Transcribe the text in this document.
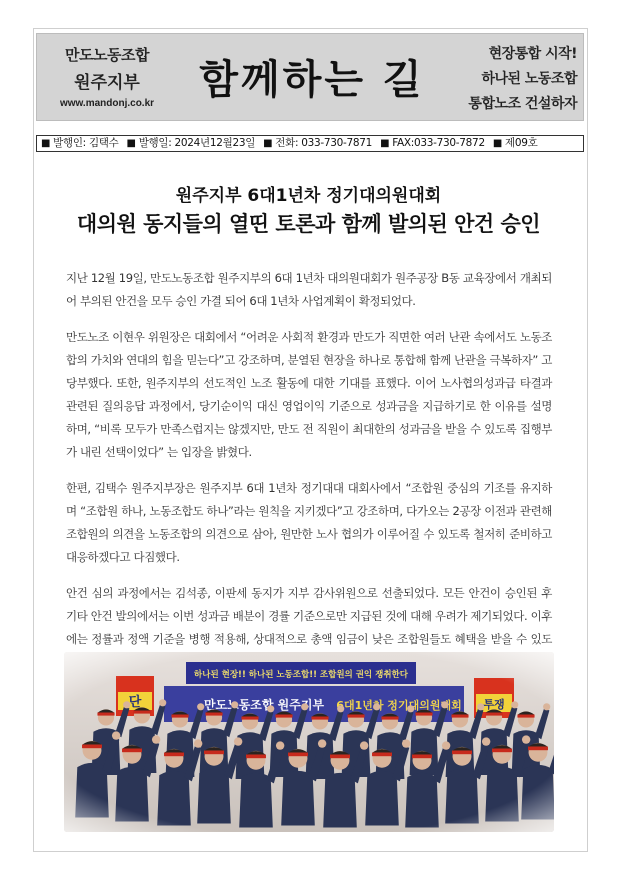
만도노동조합
원주지부
www.mandonj.co.kr
함께하는 길
현장통합 시작!
하나된 노동조합
통합노조 건설하자
■ 발행인: 김택수 ■ 발행일: 2024년12월23일 ■ 전화: 033-730-7871 ■ FAX:033-730-7872 ■ 제09호
원주지부 6대1년차 정기대의원대회
대의원 동지들의 열띤 토론과 함께 발의된 안건 승인

지난 12월 19일, 만도노동조합 원주지부의 6대 1년차 대의원대회가 원주공장 B동 교육장에서 개최되어 부의된 안건을 모두 승인 가결 되어 6대 1년차 사업계획이 확정되었다.

만도노조 이현우 위원장은 대회에서 “어려운 사회적 환경과 만도가 직면한 여러 난관 속에서도 노동조합의 가치와 연대의 힘을 믿는다”고 강조하며, 분열된 현장을 하나로 통합해 함께 난관을 극복하자” 고 당부했다. 또한, 원주지부의 선도적인 노조 활동에 대한 기대를 표했다. 이어 노사협의성과급 타결과 관련된 질의응답 과정에서, 당기순이익 대신 영업이익 기준으로 성과금을 지급하기로 한 이유를 설명하며, “비록 모두가 만족스럽지는 않겠지만, 만도 전 직원이 최대한의 성과금을 받을 수 있도록 집행부가 내린 선택이었다” 는 입장을 밝혔다.

한편, 김택수 원주지부장은 원주지부 6대 1년차 정기대대 대회사에서 “조합원 중심의 기조를 유지하며 “조합원 하나, 노동조합도 하나”라는 원칙을 지키겠다”고 강조하며, 다가오는 2공장 이전과 관련해 조합원의 의견을 노동조합의 의견으로 삼아, 원만한 노사 협의가 이루어질 수 있도록 철저히 준비하고 대응하겠다고 다짐했다.

안건 심의 과정에서는 김석종, 이판세 동지가 지부 감사위원으로 선출되었다. 모든 안건이 승인된 후 기타 안건 발의에서는 이번 성과금 배분이 경률 기준으로만 지급된 것에 대해 우려가 제기되었다. 이후에는 정률과 정액 기준을 병행 적용해, 상대적으로 총액 임금이 낮은 조합원들도 혜택을 받을 수 있도
